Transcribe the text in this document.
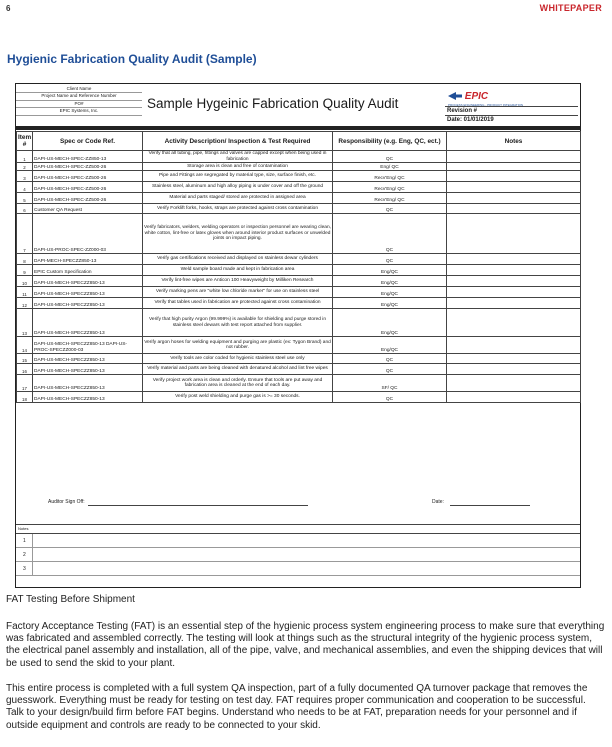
6	WHITEPAPER
Hygienic Fabrication Quality Audit (Sample)
Client Name
Project Name and Reference Number
PO#
EPIC Systems, Inc.	Sample Hygeinic Fabrication Quality Audit	EPIC
PROCESS ENGINEERING - PRODUCT INTEGRATION
Revision #
Date: 01/01/2019
Item #	Spec or Code Ref.	Activity Description/ Inspection & Test Required	Responsibility (e.g. Eng, QC, ect.)	Notes
1	DAPI-US-MECH-SPEC-ZZ850-13	Verify that all tubing, pipe, fittings and valves are capped except when being used in fabrication	QC	
2	DAPI-US-MECH-SPEC-ZZ500-26	Storage area is clean and free of contamination	Eng/ QC	
3	DAPI-US-MECH-SPEC-ZZ500-26	Pipe and Fittings are segregated by material type, size, surface finish, etc.	Recv'Eng/ QC	
4	DAPI-US-MECH-SPEC-ZZ500-26	Stainless steel, aluminum and high alloy piping is under cover and off the ground	Recv'Eng/ QC	
5	DAPI-US-MECH-SPEC-ZZ500-26	Material and parts staged/ stored are protected in assigned area	Recv'Eng/ QC	
6	Customer QA Request	Verify Forklift forks, hooks, straps are protected against cross contamination	QC	
7	DAPI-US-PROC-SPEC-ZZ000-03	Verify fabricators, welders, welding operators or inspection personnel are wearing clean, white cotton, lint-free or latex gloves when around interior product surfaces or unwelded joints on impact piping.	QC	
8	DAPI-MECH-SPECZZ850-13	Verify gas certifications received and displayed on stainless dewar cylinders	QC	
9	EPIC Custom Specification	Weld sample board made and kept in fabrication area	Eng/QC	
10	DAPI-US-MECH-SPECZZ850-13	Verify lint-free wipes are Anticon 100 Heavyweight by Milliken Research	Eng/QC	
11	DAPI-US-MECH-SPECZZ850-13	Verify marking pens are "white low chloride marker" for use on stainless steel	Eng/QC	
12	DAPI-US-MECH-SPECZZ850-13	Verify that tables used in fabrication are protected against cross contamination	Eng/QC	
13	DAPI-US-MECH-SPECZZ850-13	Verify that high purity Argon (99.999%) is available for shielding and purge stored in stainless steel dewars with test report attached from supplier.	Eng/QC	
14	DAPI-US-MECH-SPECZZ850-13 DAPI-US-PROC-SPECZZ000-03	Verify argon hoses for welding equipment and purging are plastic (ex: Tygon Brand) and not rubber.	Eng/QC	
15	DAPI-US-MECH-SPECZZ850-13	Verify tools are color coded for hygienic stainless steel use only	QC	
16	DAPI-US-MECH-SPECZZ850-13	Verify material and parts are being cleaned with denatured alcohol and lint free wipes	QC	
17	DAPI-US-MECH-SPECZZ850-13	Verify project work area is clean and orderly. Ensure that tools are put away and fabrication area is cleaned at the end of each day.	SF/ QC	
18	DAPI-US-MECH-SPECZZ850-13	Verify post weld shielding and purge gas is >= 30 seconds.	QC	
Auditor Sign Off:	Date:
Notes
1
2
3
FAT Testing Before Shipment

Factory Acceptance Testing (FAT) is an essential step of the hygienic process system engineering process to make sure that everything was fabricated and assembled correctly. The testing will look at things such as the structural integrity of the hygienic process system, the electrical panel assembly and installation, all of the pipe, valve, and mechanical assemblies, and even the shipping devices that will be used to send the skid to your plant.

This entire process is completed with a full system QA inspection, part of a fully documented QA turnover package that removes the guesswork. Everything must be ready for testing on test day. FAT requires proper communication and cooperation to be successful. Talk to your design/build firm before FAT begins. Understand who needs to be at FAT, preparation needs for your personnel and if outside equipment and controls are ready to be connected to your skid.
